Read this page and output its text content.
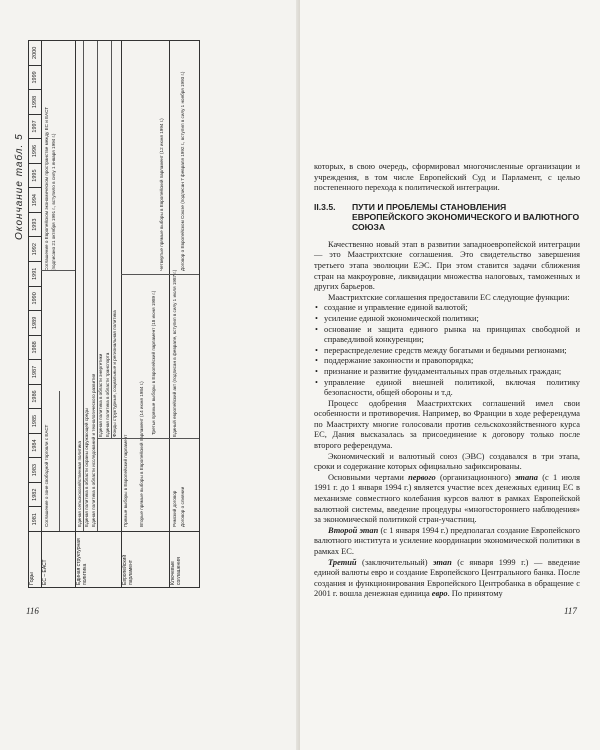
Окончание табл. 5
Годы
1981
1982
1983
1984
1985
1986
1987
1988
1989
1990
1991
1992
1993
1994
1995
1996
1997
1998
1999
2000
ЕС – ЕАСТ
Соглашение о зоне свободной торговли с ЕАСТ
Соглашение о Европейском экономическом пространстве между ЕС и ЕАСТ (подписано 21 октября 1991 г., вступило в силу 1 января 1994 г.)
Единая структурная политика
Единая сельскохозяйственная политика Единая политика в области охраны окружающей среды Единая политика в области исследований и технологического развития Единая политика в области энергетики Единая политика в области транспорта Фонды структурные, социальные и региональная политика
Европейский парламент
Прямые выборы в Европейский парламент Вторые прямые выборы в Европейский парламент (14 июня 1984 г.)
Третьи прямые выборы в Европейский парламент (18 июня 1989 г.)
Четвертые прямые выборы в Европейский парламент (12 июня 1994 г.)
Ключевые соглашения
Римский договор Договор о слиянии
Единый европейский акт (подписан в феврале, вступил в силу 1 июля 1987 г.)
Договор о Европейском Союзе (подписан 7 февраля 1992 г., вступил в силу 1 ноября 1993 г.)
116

которых, в свою очередь, сформировал многочисленные организации и учреждения, в том числе Европейский Суд и Парламент, с целью постепенного перехода к политической интеграции.

II.3.5.	ПУТИ И ПРОБЛЕМЫ СТАНОВЛЕНИЯ ЕВРОПЕЙСКОГО ЭКОНОМИЧЕСКОГО И ВАЛЮТНОГО СОЮЗА

Качественно новый этап в развитии западноевропейской интеграции — это Маастрихтские соглашения. Это свидетельство завершения третьего этапа эволюции ЕЭС. При этом ставится задачи сближения стран на макроуровне, ликвидации множества налоговых, таможенных и других барьеров.

Маастрихтские соглашения предоставили ЕС следующие функции:

• создание и управление единой валютой;
• усиление единой экономической политики;
• основание и защита единого рынка на принципах свободной и справедливой конкуренции;
• перераспределение средств между богатыми и бедными регионами;
• поддержание законности и правопорядка;
• признание и развитие фундаментальных прав отдельных граждан;
• управление единой внешней политикой, включая политику безопасности, общей обороны и т.д.

Процесс одобрения Маастрихтских соглашений имел свои особенности и противоречия. Например, во Франции в ходе референдума по Маастрихту многие голосовали против сельскохозяйственного курса ЕС, Дания высказалась за присоединение к договору только после второго референдума.

Экономический и валютный союз (ЭВС) создавался в три этапа, сроки и содержание которых официально зафиксированы.

Основными чертами первого (организационного) этапа (с 1 июля 1991 г. до 1 января 1994 г.) является участие всех денежных единиц ЕС в механизме совместного колебания курсов валют в рамках Европейской валютной системы, введение процедуры «многостороннего наблюдения» за экономической политикой стран-участниц.

Второй этап (с 1 января 1994 г.) предполагал создание Европейского валютного института и усиление координации экономической политики в рамках ЕС.

Третий (заключительный) этап (с января 1999 г.) — введение единой валюты евро и создание Европейского Центрального банка. После создания и функционирования Европейского Центробанка в обращение с 2001 г. вошла денежная единица евро. По принятому

117
